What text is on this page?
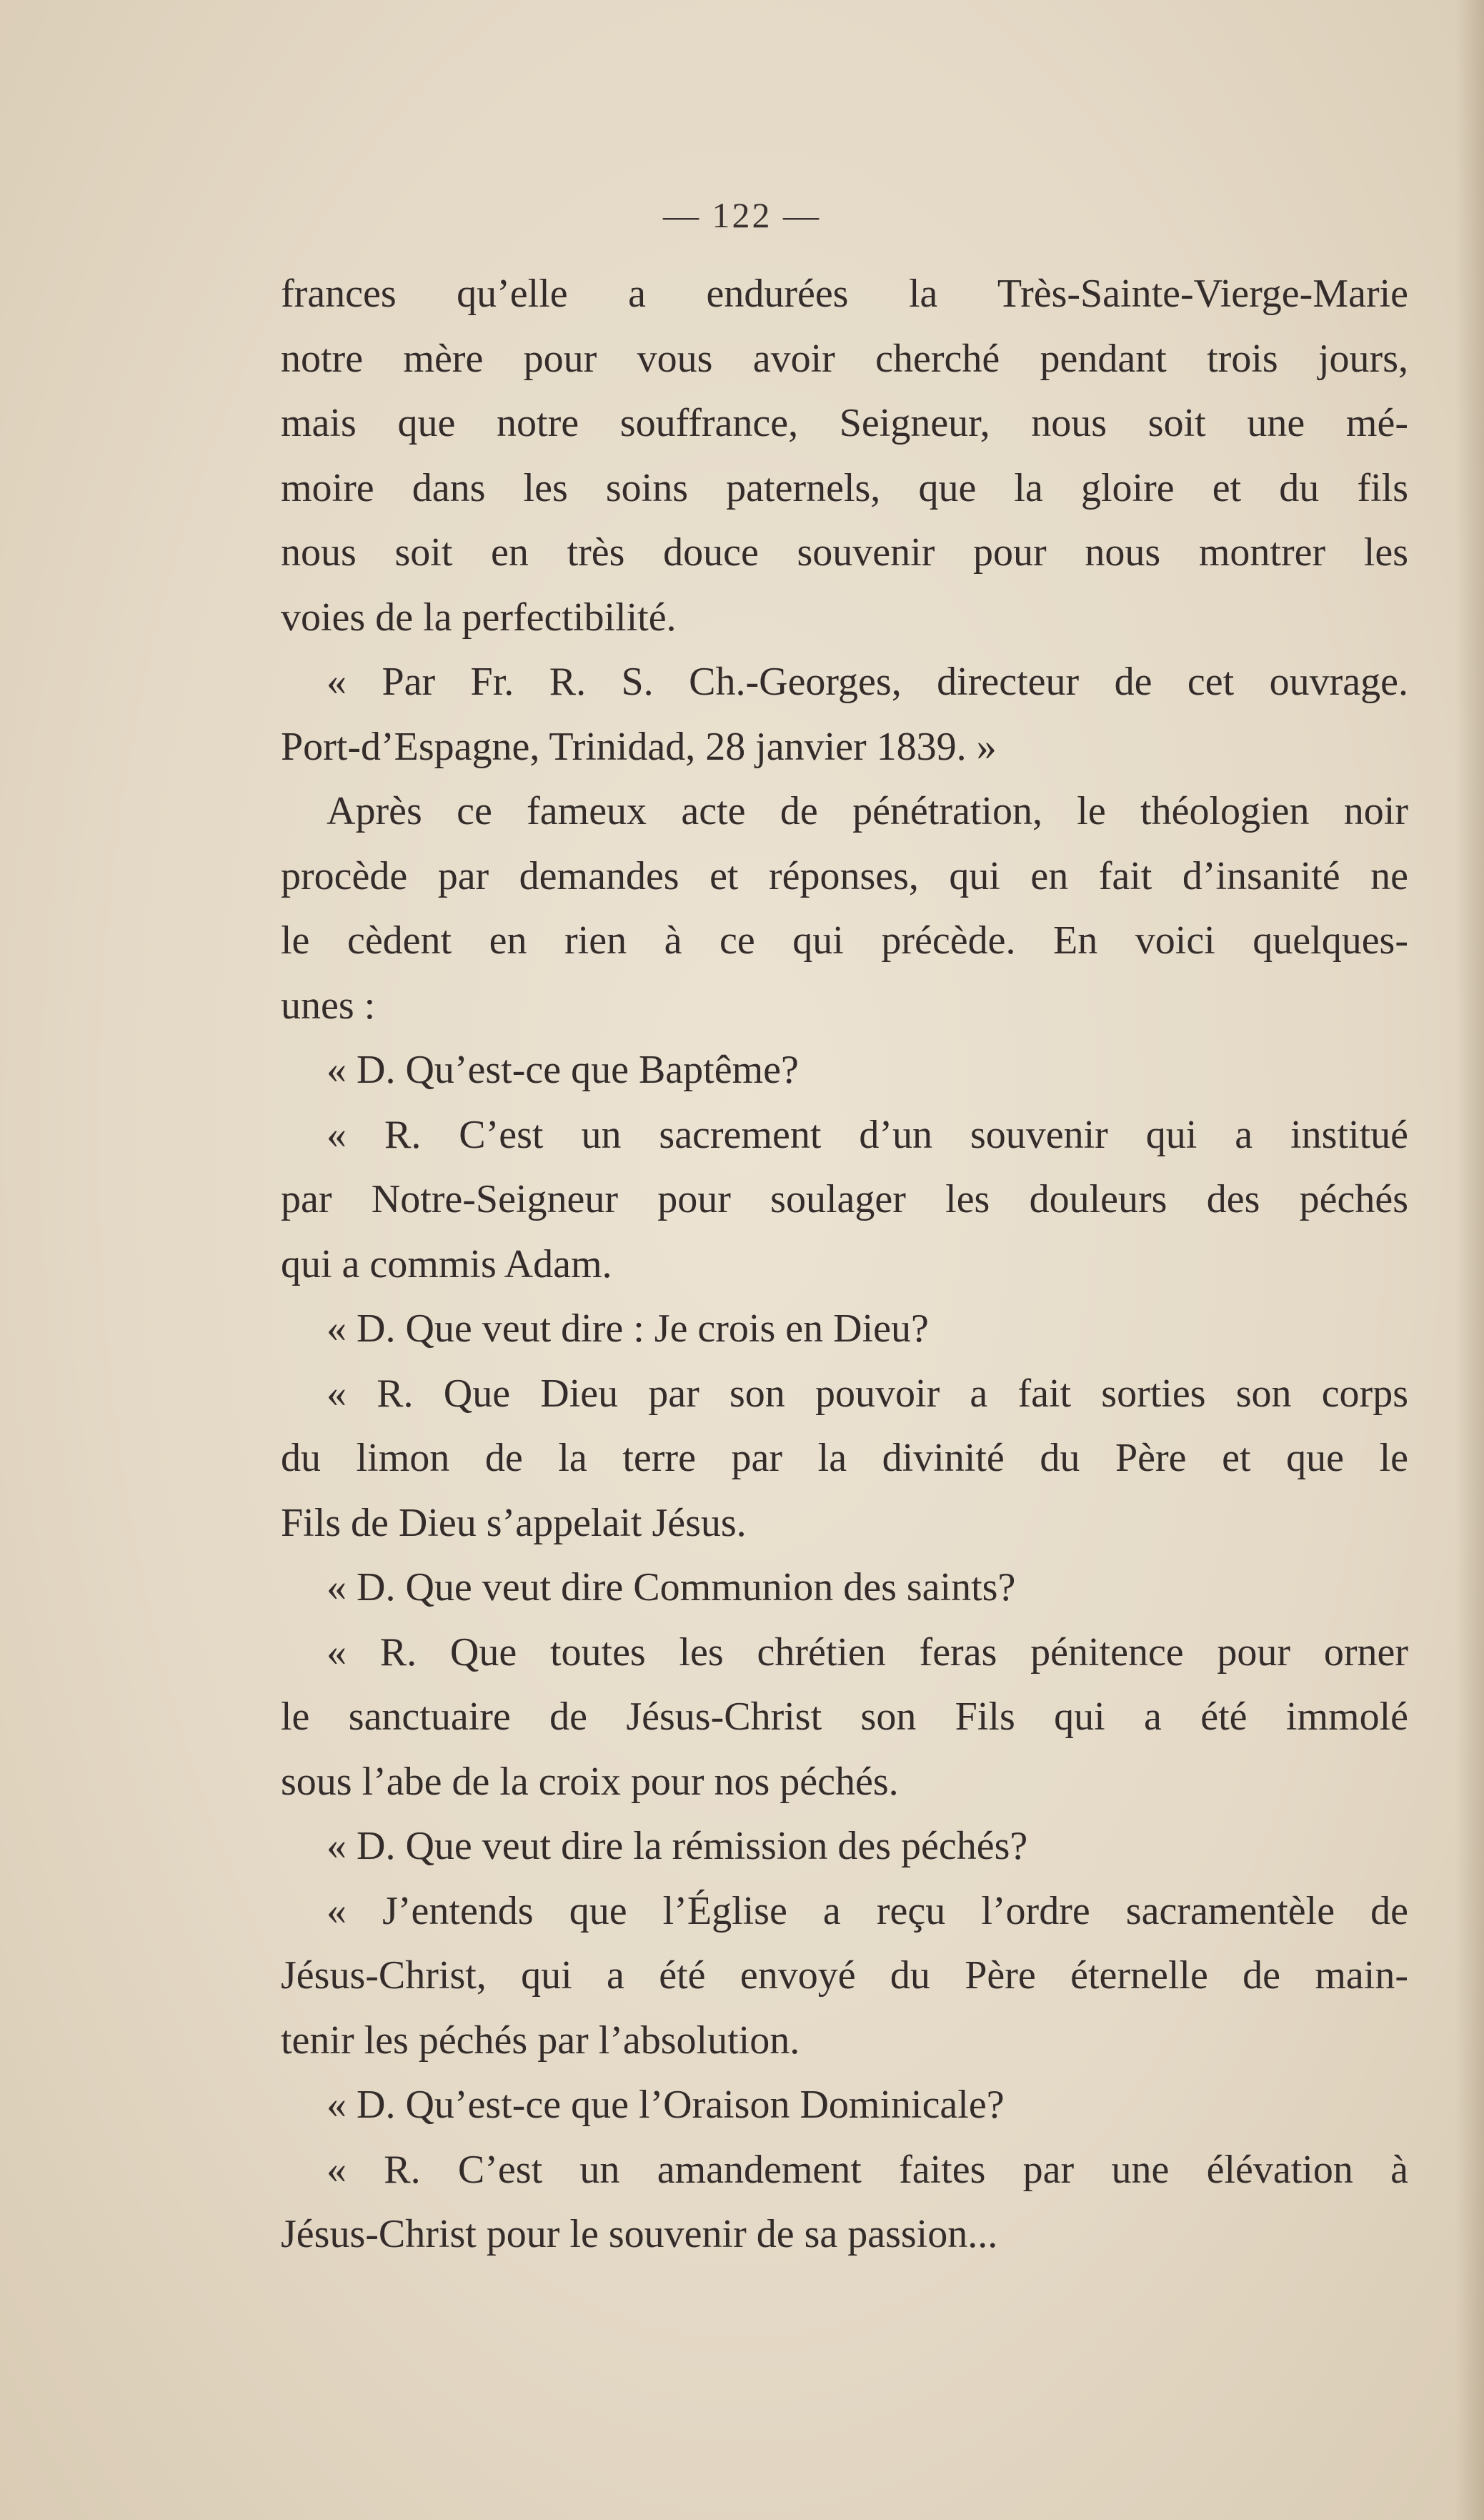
— 122 —
frances qu’elle a endurées la Très-Sainte-Vierge-Marie
notre mère pour vous avoir cherché pendant trois jours,
mais que notre souffrance, Seigneur, nous soit une mé-
moire dans les soins paternels, que la gloire et du fils
nous soit en très douce souvenir pour nous montrer les
voies de la perfectibilité.
« Par Fr. R. S. Ch.-Georges, directeur de cet ouvrage.
Port-d’Espagne, Trinidad, 28 janvier 1839. »
Après ce fameux acte de pénétration, le théologien noir
procède par demandes et réponses, qui en fait d’insanité ne
le cèdent en rien à ce qui précède. En voici quelques-
unes :
« D. Qu’est-ce que Baptême?
« R. C’est un sacrement d’un souvenir qui a institué
par Notre-Seigneur pour soulager les douleurs des péchés
qui a commis Adam.
« D. Que veut dire : Je crois en Dieu?
« R. Que Dieu par son pouvoir a fait sorties son corps
du limon de la terre par la divinité du Père et que le
Fils de Dieu s’appelait Jésus.
« D. Que veut dire Communion des saints?
« R. Que toutes les chrétien feras pénitence pour orner
le sanctuaire de Jésus-Christ son Fils qui a été immolé
sous l’abe de la croix pour nos péchés.
« D. Que veut dire la rémission des péchés?
« J’entends que l’Église a reçu l’ordre sacramentèle de
Jésus-Christ, qui a été envoyé du Père éternelle de main-
tenir les péchés par l’absolution.
« D. Qu’est-ce que l’Oraison Dominicale?
« R. C’est un amandement faites par une élévation à
Jésus-Christ pour le souvenir de sa passion...
